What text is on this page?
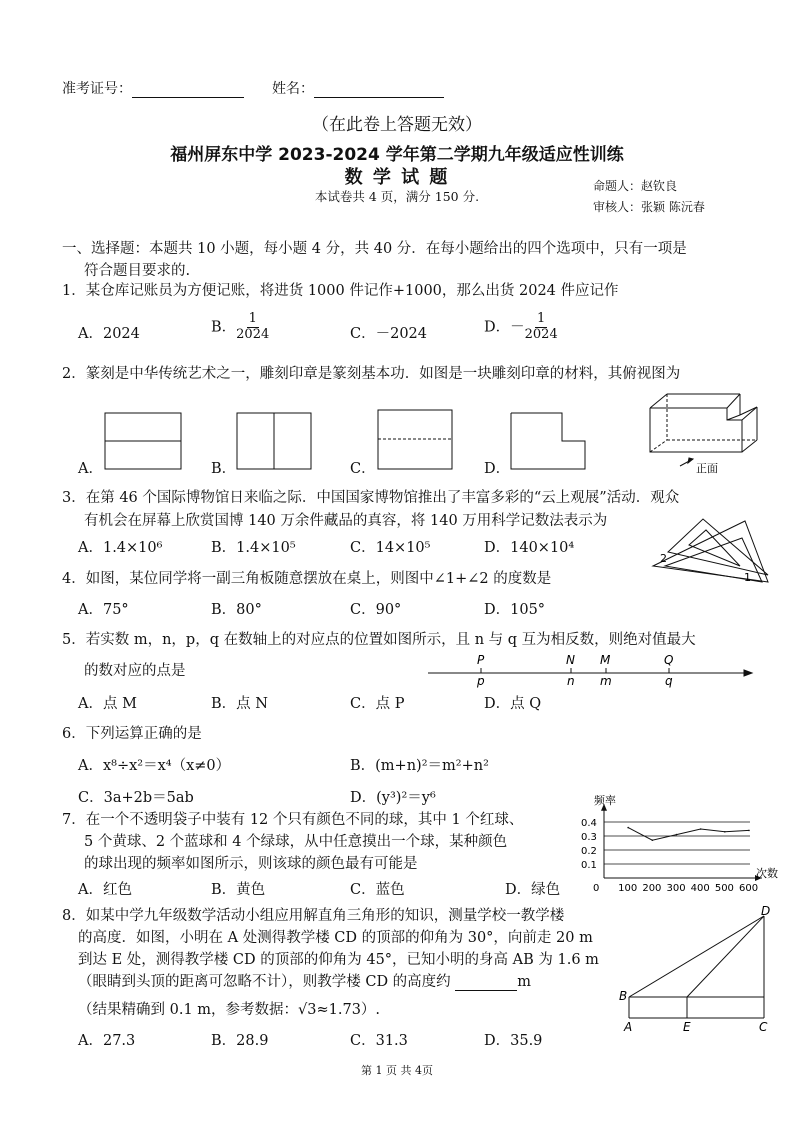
准考证号：	姓名：
（在此卷上答题无效）
福州屏东中学 2023-2024 学年第二学期九年级适应性训练
数 学 试 题
本试卷共 4 页，满分 150 分.
命题人：赵钦良
审核人：张颖 陈沅春
一、选择题：本题共 10 小题，每小题 4 分，共 40 分．在每小题给出的四个选项中，只有一项是
符合题目要求的.
1．某仓库记账员为方便记账，将进货 1000 件记作+1000，那么出货 2024 件应记作
A．2024	B． $\frac{1}{2024}$	C．－2024	D．－ $\frac{1}{2024}$
2．篆刻是中华传统艺术之一，雕刻印章是篆刻基本功．如图是一块雕刻印章的材料，其俯视图为
A．	B．	C．	D．	正面
2
1
P
p
N
n
M
m
Q
q
0.4
0.3
0.2
0.1
100 200 300 400 500 600
0
频率
次数
D
B
A	E	C
3．在第 46 个国际博物馆日来临之际．中国国家博物馆推出了丰富多彩的“云上观展”活动．观众
有机会在屏幕上欣赏国博 140 万余件藏品的真容，将 140 万用科学记数法表示为
A．1.4×10⁶	B．1.4×10⁵	C．14×10⁵	D．140×10⁴
4．如图，某位同学将一副三角板随意摆放在桌上，则图中∠1+∠2 的度数是
A．75°	B．80°	C．90°	D．105°
5．若实数 m，n，p，q 在数轴上的对应点的位置如图所示，且 n 与 q 互为相反数，则绝对值最大
的数对应的点是
A．点 M	B．点 N	C．点 P	D．点 Q
6．下列运算正确的是
A．x⁸÷x²＝x⁴（x≠0）	B．(m+n)²＝m²+n²
C．3a+2b＝5ab	D．(y³)²＝y⁶
7．在一个不透明袋子中装有 12 个只有颜色不同的球，其中 1 个红球、
5 个黄球、2 个蓝球和 4 个绿球，从中任意摸出一个球，某种颜色
的球出现的频率如图所示，则该球的颜色最有可能是
A．红色	B．黄色	C．蓝色	D．绿色
8．如某中学九年级数学活动小组应用解直角三角形的知识，测量学校一教学楼
的高度．如图，小明在 A 处测得教学楼 CD 的顶部的仰角为 30°，向前走 20 m
到达 E 处，测得教学楼 CD 的顶部的仰角为 45°，已知小明的身高 AB 为 1.6 m
（眼睛到头顶的距离可忽略不计），则教学楼 CD 的高度约	m
（结果精确到 0.1 m，参考数据：√3≈1.73）.
A．27.3	B．28.9	C．31.3	D．35.9
第 1 页 共 4页
